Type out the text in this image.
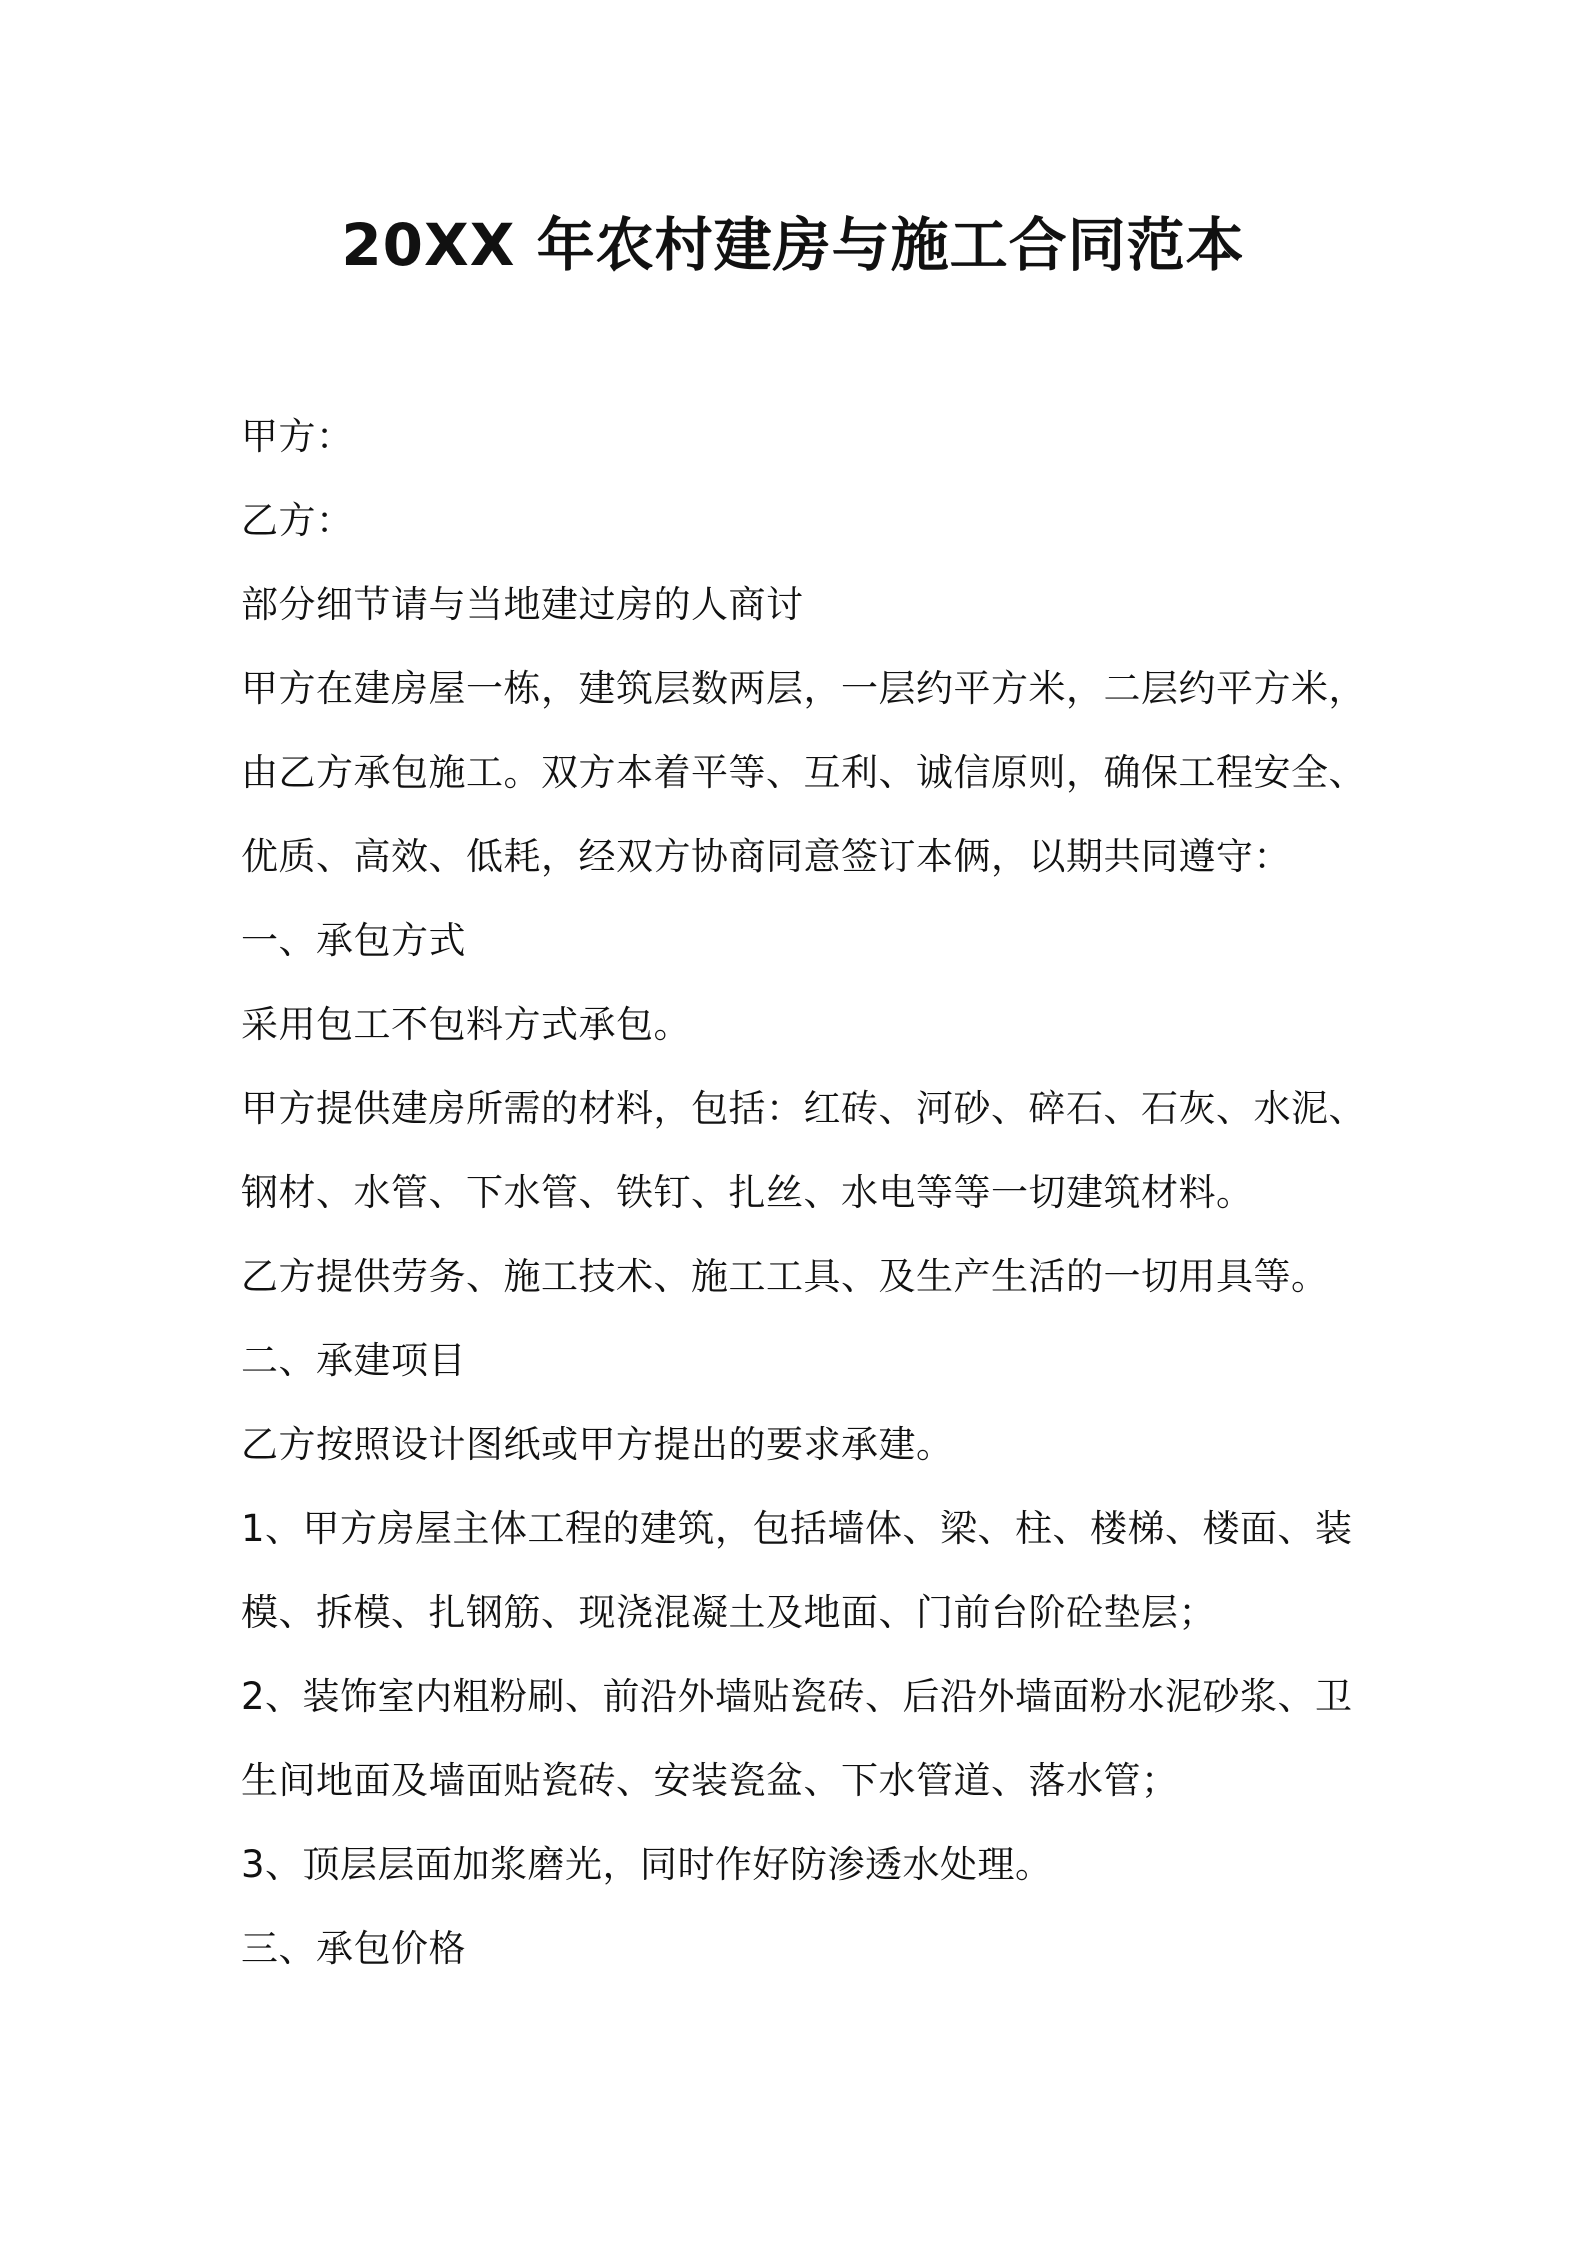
20XX 年农村建房与施工合同范本
甲方：
乙方：
部分细节请与当地建过房的人商讨
甲方在建房屋一栋，建筑层数两层，一层约平方米，二层约平方米，
由乙方承包施工。双方本着平等、互利、诚信原则，确保工程安全、
优质、高效、低耗，经双方协商同意签订本俩，以期共同遵守：
一、承包方式
采用包工不包料方式承包。
甲方提供建房所需的材料，包括：红砖、河砂、碎石、石灰、水泥、
钢材、水管、下水管、铁钉、扎丝、水电等等一切建筑材料。
乙方提供劳务、施工技术、施工工具、及生产生活的一切用具等。
二、承建项目
乙方按照设计图纸或甲方提出的要求承建。
1、甲方房屋主体工程的建筑，包括墙体、梁、柱、楼梯、楼面、装
模、拆模、扎钢筋、现浇混凝土及地面、门前台阶砼垫层；
2、装饰室内粗粉刷、前沿外墙贴瓷砖、后沿外墙面粉水泥砂浆、卫
生间地面及墙面贴瓷砖、安装瓷盆、下水管道、落水管；
3、顶层层面加浆磨光，同时作好防渗透水处理。
三、承包价格
